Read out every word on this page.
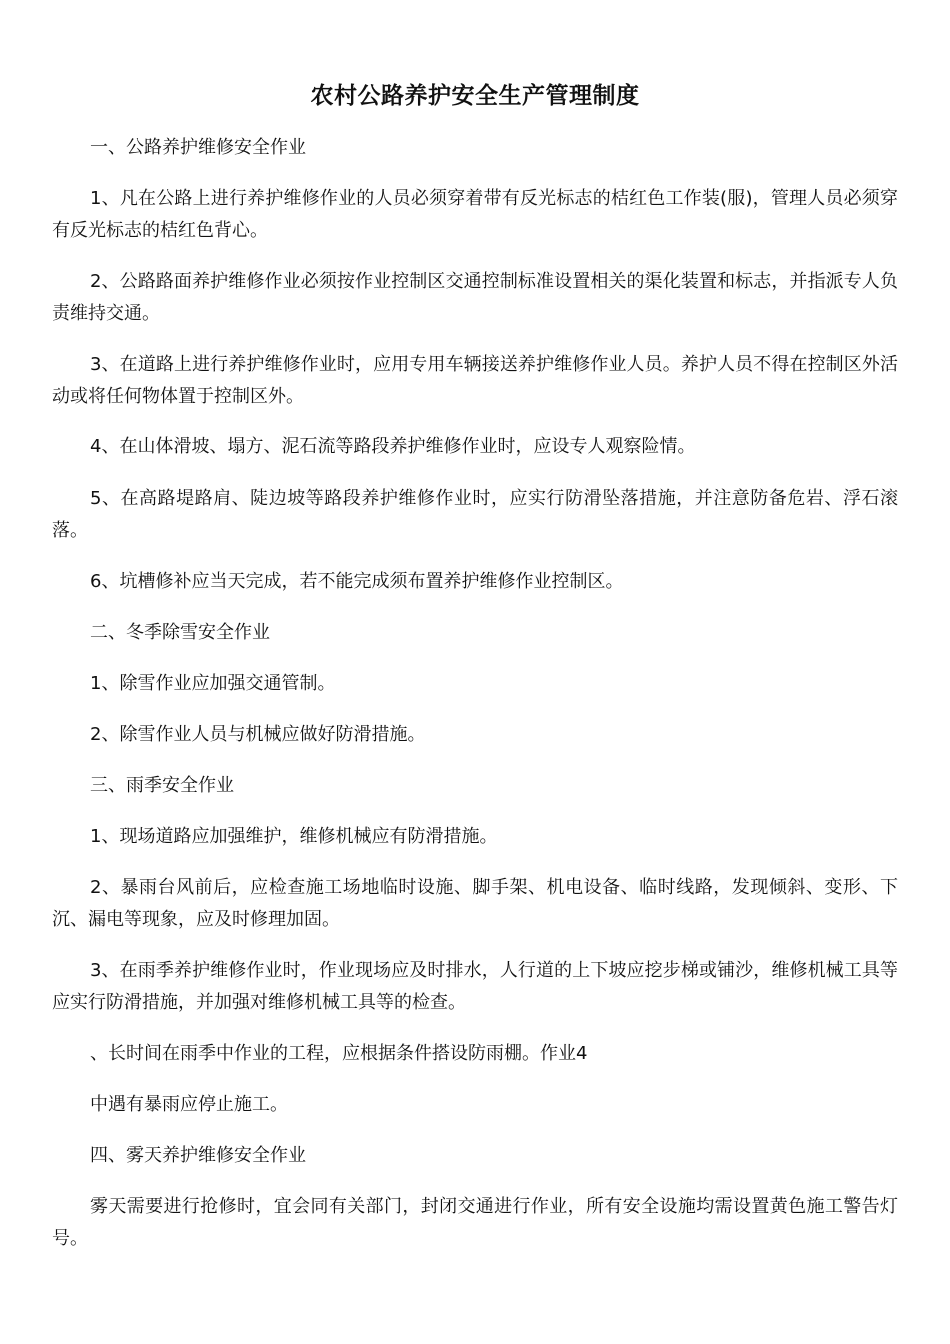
农村公路养护安全生产管理制度

一、公路养护维修安全作业

1、凡在公路上进行养护维修作业的人员必须穿着带有反光标志的桔红色工作装(服)，管理人员必须穿有反光标志的桔红色背心。

2、公路路面养护维修作业必须按作业控制区交通控制标准设置相关的渠化装置和标志，并指派专人负责维持交通。

3、在道路上进行养护维修作业时，应用专用车辆接送养护维修作业人员。养护人员不得在控制区外活动或将任何物体置于控制区外。

4、在山体滑坡、塌方、泥石流等路段养护维修作业时，应设专人观察险情。

5、在高路堤路肩、陡边坡等路段养护维修作业时，应实行防滑坠落措施，并注意防备危岩、浮石滚落。

6、坑槽修补应当天完成，若不能完成须布置养护维修作业控制区。

二、冬季除雪安全作业

1、除雪作业应加强交通管制。

2、除雪作业人员与机械应做好防滑措施。

三、雨季安全作业

1、现场道路应加强维护，维修机械应有防滑措施。

2、暴雨台风前后，应检查施工场地临时设施、脚手架、机电设备、临时线路，发现倾斜、变形、下沉、漏电等现象，应及时修理加固。

3、在雨季养护维修作业时，作业现场应及时排水，人行道的上下坡应挖步梯或铺沙，维修机械工具等应实行防滑措施，并加强对维修机械工具等的检查。

、长时间在雨季中作业的工程，应根据条件搭设防雨棚。作业4

中遇有暴雨应停止施工。

四、雾天养护维修安全作业

雾天需要进行抢修时，宜会同有关部门，封闭交通进行作业，所有安全设施均需设置黄色施工警告灯号。
